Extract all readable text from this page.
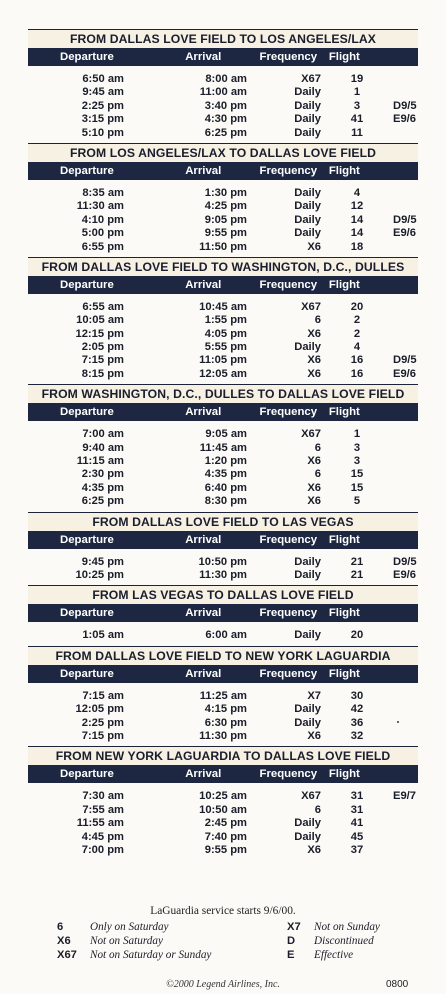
FROM DALLAS LOVE FIELD TO LOS ANGELES/LAX
Departure	Arrival	Frequency	Flight
6:50 am	8:00 am	X67	19
9:45 am	11:00 am	Daily	1
2:25 pm	3:40 pm	Daily	3	D9/5
3:15 pm	4:30 pm	Daily	41	E9/6
5:10 pm	6:25 pm	Daily	11
FROM LOS ANGELES/LAX TO DALLAS LOVE FIELD
Departure	Arrival	Frequency	Flight
8:35 am	1:30 pm	Daily	4
11:30 am	4:25 pm	Daily	12
4:10 pm	9:05 pm	Daily	14	D9/5
5:00 pm	9:55 pm	Daily	14	E9/6
6:55 pm	11:50 pm	X6	18
FROM DALLAS LOVE FIELD TO WASHINGTON, D.C., DULLES
Departure	Arrival	Frequency	Flight
6:55 am	10:45 am	X67	20
10:05 am	1:55 pm	6	2
12:15 pm	4:05 pm	X6	2
2:05 pm	5:55 pm	Daily	4
7:15 pm	11:05 pm	X6	16	D9/5
8:15 pm	12:05 am	X6	16	E9/6
FROM WASHINGTON, D.C., DULLES TO DALLAS LOVE FIELD
Departure	Arrival	Frequency	Flight
7:00 am	9:05 am	X67	1
9:40 am	11:45 am	6	3
11:15 am	1:20 pm	X6	3
2:30 pm	4:35 pm	6	15
4:35 pm	6:40 pm	X6	15
6:25 pm	8:30 pm	X6	5
FROM DALLAS LOVE FIELD TO LAS VEGAS
Departure	Arrival	Frequency	Flight
9:45 pm	10:50 pm	Daily	21	D9/5
10:25 pm	11:30 pm	Daily	21	E9/6
FROM LAS VEGAS TO DALLAS LOVE FIELD
Departure	Arrival	Frequency	Flight
1:05 am	6:00 am	Daily	20
FROM DALLAS LOVE FIELD TO NEW YORK LAGUARDIA
Departure	Arrival	Frequency	Flight
7:15 am	11:25 am	X7	30
12:05 pm	4:15 pm	Daily	42
2:25 pm	6:30 pm	Daily	36
7:15 pm	11:30 pm	X6	32
FROM NEW YORK LAGUARDIA TO DALLAS LOVE FIELD
Departure	Arrival	Frequency	Flight
7:30 am	10:25 am	X67	31	E9/7
7:55 am	10:50 am	6	31
11:55 am	2:45 pm	Daily	41
4:45 pm	7:40 pm	Daily	45
7:00 pm	9:55 pm	X6	37
LaGuardia service starts 9/6/00.
6 Only on Saturday
X6 Not on Saturday
X67 Not on Saturday or Sunday
X7 Not on Sunday
D Discontinued
E Effective
©2000 Legend Airlines, Inc.	0800
